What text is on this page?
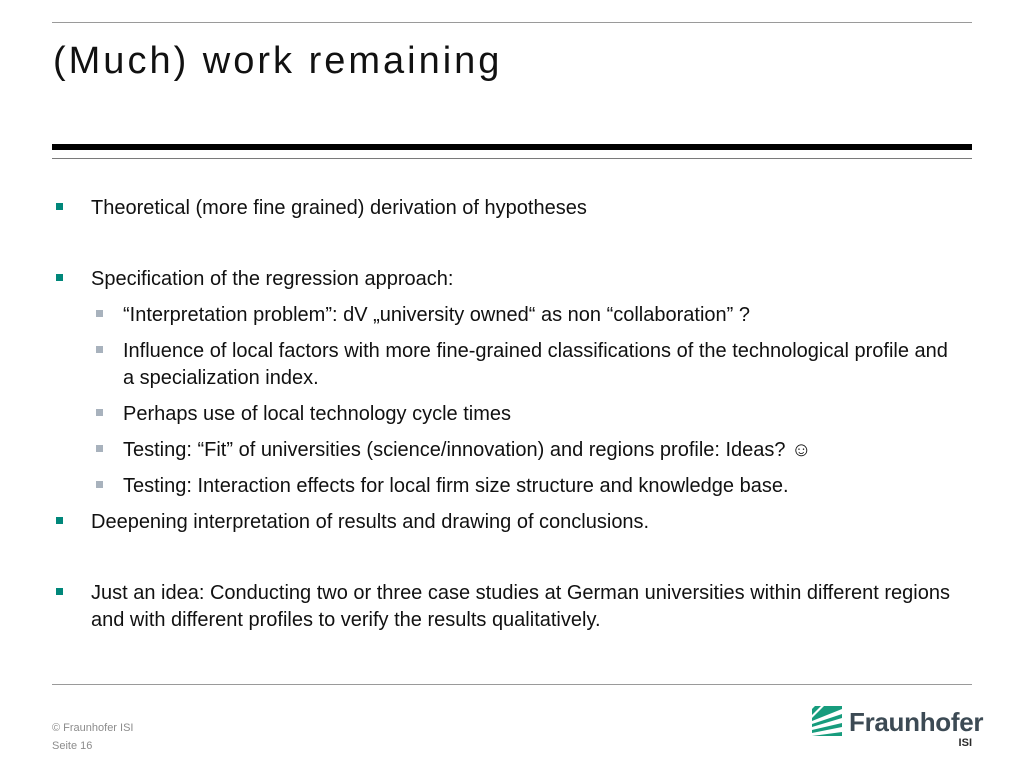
(Much) work remaining
Theoretical (more fine grained) derivation of hypotheses
Specification of the regression approach:
“Interpretation problem”: dV „university owned“ as non “collaboration” ?
Influence of local factors with more fine-grained classifications of the technological profile and a specialization index.
Perhaps use of local technology cycle times
Testing: “Fit” of universities (science/innovation) and regions profile: Ideas? ☺
Testing: Interaction effects for local firm size structure and knowledge base.
Deepening interpretation of results and drawing of conclusions.
Just an idea: Conducting two or three case studies at German universities within different regions and with different profiles to verify the results qualitatively.
© Fraunhofer ISI
Seite 16
Fraunhofer
ISI
